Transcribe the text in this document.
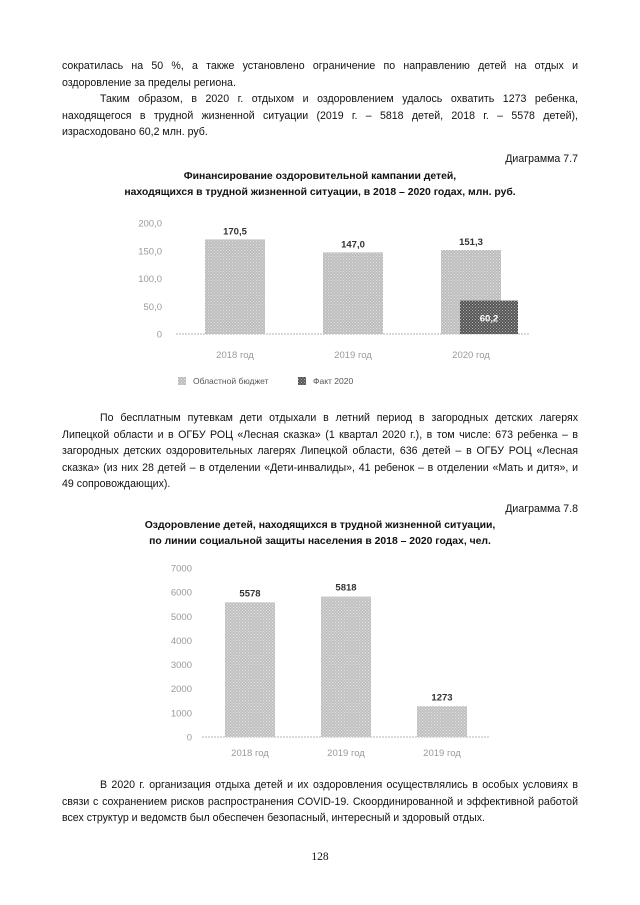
сократилась на 50 %, а также установлено ограничение по направлению детей на отдых и оздоровление за пределы региона.

Таким образом, в 2020 г. отдыхом и оздоровлением удалось охватить 1273 ребенка, находящегося в трудной жизненной ситуации (2019 г. – 5818 детей, 2018 г. – 5578 детей), израсходовано 60,2 млн. руб.

Диаграмма 7.7
Финансирование оздоровительной кампании детей,
находящихся в трудной жизненной ситуации, в 2018 – 2020 годах, млн. руб.
0
50,0
100,0
150,0
200,0
170,5
2018 год
147,0
2019 год
151,3
2020 год
60,2
Областной бюджет	Факт 2020

По бесплатным путевкам дети отдыхали в летний период в загородных детских лагерях Липецкой области и в ОГБУ РОЦ «Лесная сказка» (1 квартал 2020 г.), в том числе: 673 ребенка – в загородных детских оздоровительных лагерях Липецкой области, 636 детей – в ОГБУ РОЦ «Лесная сказка» (из них 28 детей – в отделении «Дети-инвалиды», 41 ребенок – в отделении «Мать и дитя», и 49 сопровождающих).

Диаграмма 7.8
Оздоровление детей, находящихся в трудной жизненной ситуации,
по линии социальной защиты населения в 2018 – 2020 годах, чел.
0
1000
2000
3000
4000
5000
6000
7000
5578
2018 год
5818
2019 год
1273
2019 год

В 2020 г. организация отдыха детей и их оздоровления осуществлялись в особых условиях в связи с сохранением рисков распространения COVID-19. Скоординированной и эффективной работой всех структур и ведомств был обеспечен безопасный, интересный и здоровый отдых.

128
